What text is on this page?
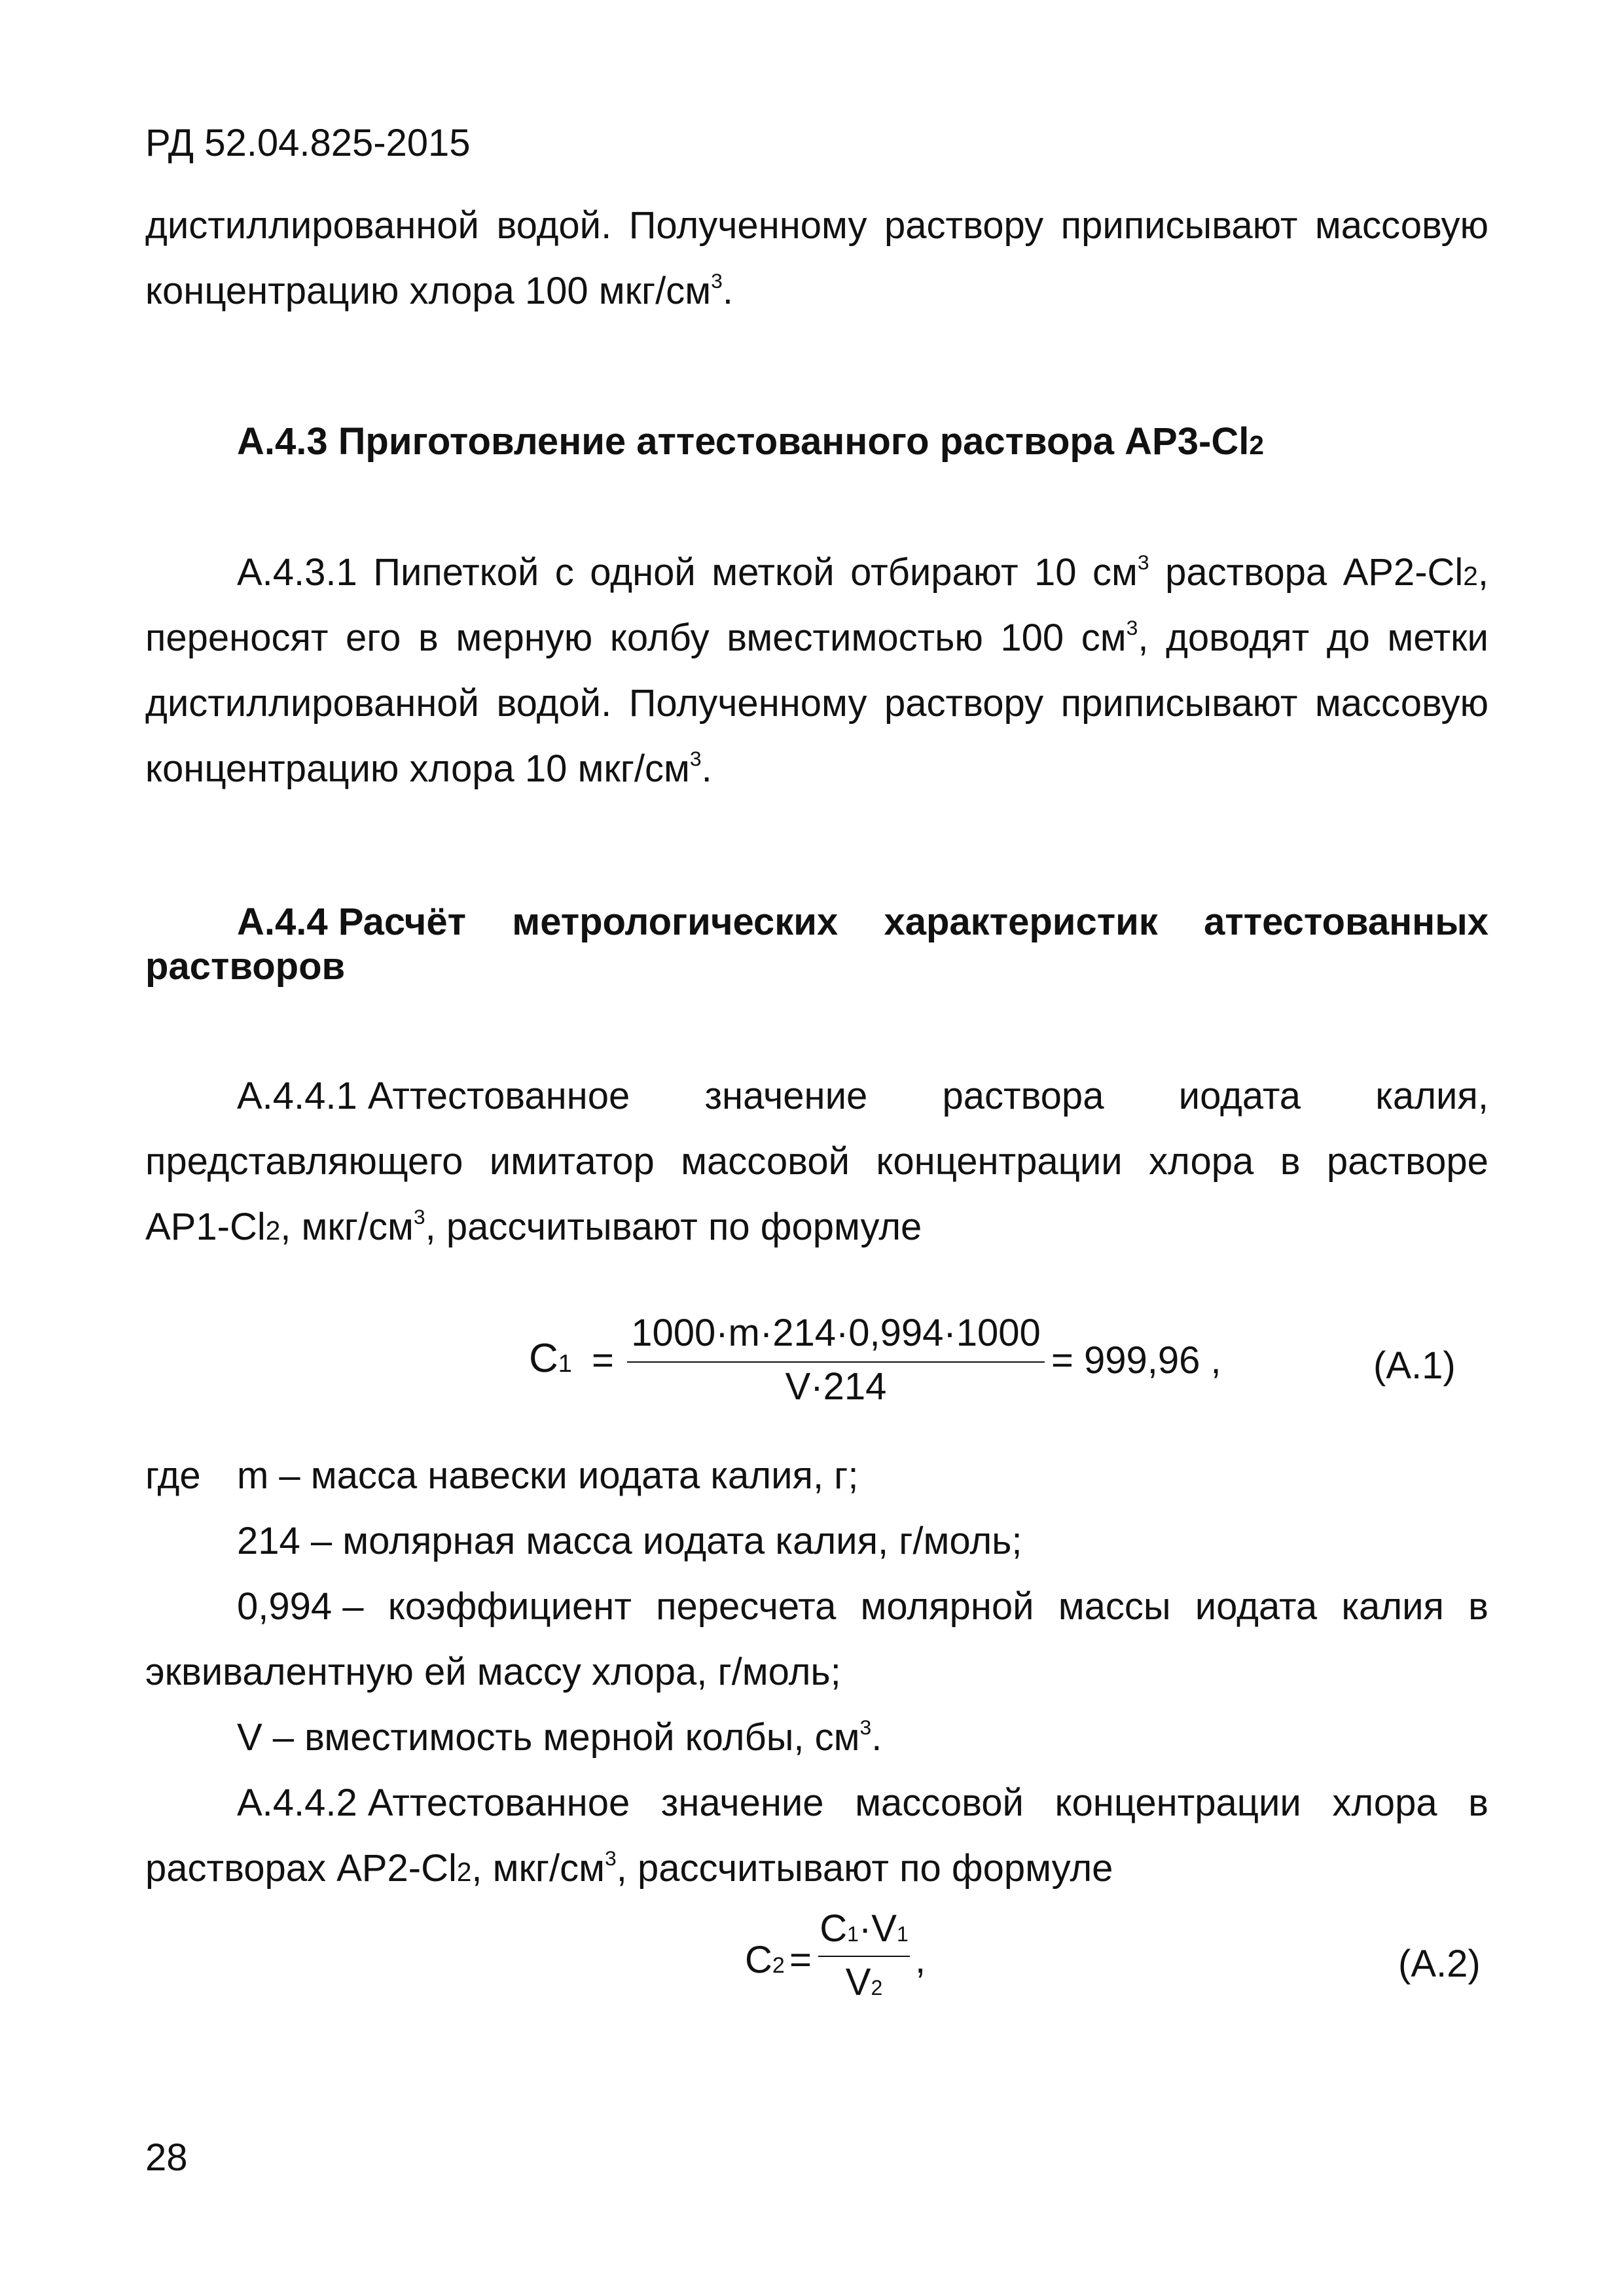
РД 52.04.825-2015
дистиллированной водой. Полученному раствору приписывают массовую
концентрацию хлора 100 мкг/$см^3$.
А.4.3 Приготовление аттестованного раствора АР3-Cl2
А.4.3.1 Пипеткой с одной меткой отбирают 10 $см^3$ раствора АР2-Cl2,
переносят его в мерную колбу вместимостью 100 $см^3$, доводят до метки
дистиллированной водой. Полученному раствору приписывают массовую
концентрацию хлора 10 мкг/$см^3$.
А.4.4 Расчёт метрологических характеристик аттестованных
растворов
А.4.4.1 Аттестованное значение раствора иодата калия,
представляющего имитатор массовой концентрации хлора в растворе
АР1-Cl2, мкг/$см^3$, рассчитывают по формуле
C1 =
1000·m·214·0,994·1000
V·214
= 999,96 ,	(А.1)
где m – масса навески иодата калия, г;
214 – молярная масса иодата калия, г/моль;
0,994 – коэффициент пересчета молярной массы иодата калия в
эквивалентную ей массу хлора, г/моль;
V – вместимость мерной колбы, $см^3$.
А.4.4.2 Аттестованное значение массовой концентрации хлора в
растворах АР2-Cl2, мкг/$см^3$, рассчитывают по формуле
C2 =
C1·V1
V2
,	(А.2)
28
